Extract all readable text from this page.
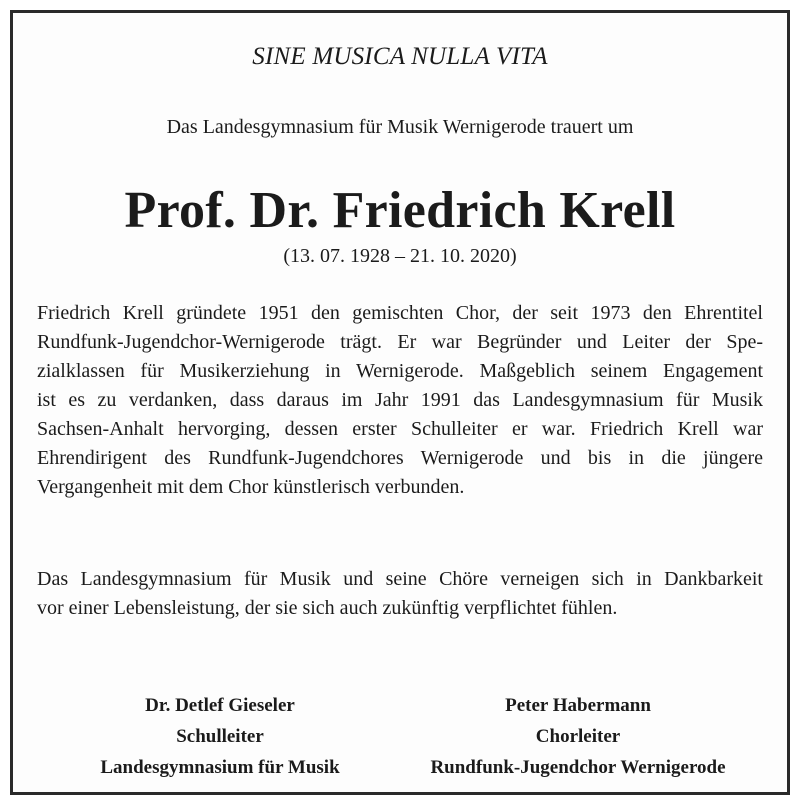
SINE MUSICA NULLA VITA
Das Landesgymnasium für Musik Wernigerode trauert um
Prof. Dr. Friedrich Krell
(13. 07. 1928 – 21. 10. 2020)
Friedrich Krell gründete 1951 den gemischten Chor, der seit 1973 den Ehrentitel
Rundfunk-Jugendchor-Wernigerode trägt. Er war Begründer und Leiter der Spe-
zialklassen für Musikerziehung in Wernigerode. Maßgeblich seinem Engagement
ist es zu verdanken, dass daraus im Jahr 1991 das Landesgymnasium für Musik
Sachsen-Anhalt hervorging, dessen erster Schulleiter er war. Friedrich Krell war
Ehrendirigent des Rundfunk-Jugendchores Wernigerode und bis in die jüngere
Vergangenheit mit dem Chor künstlerisch verbunden.
Das Landesgymnasium für Musik und seine Chöre verneigen sich in Dankbarkeit
vor einer Lebensleistung, der sie sich auch zukünftig verpflichtet fühlen.
Dr. Detlef Gieseler
Schulleiter
Landesgymnasium für Musik
Peter Habermann
Chorleiter
Rundfunk-Jugendchor Wernigerode
